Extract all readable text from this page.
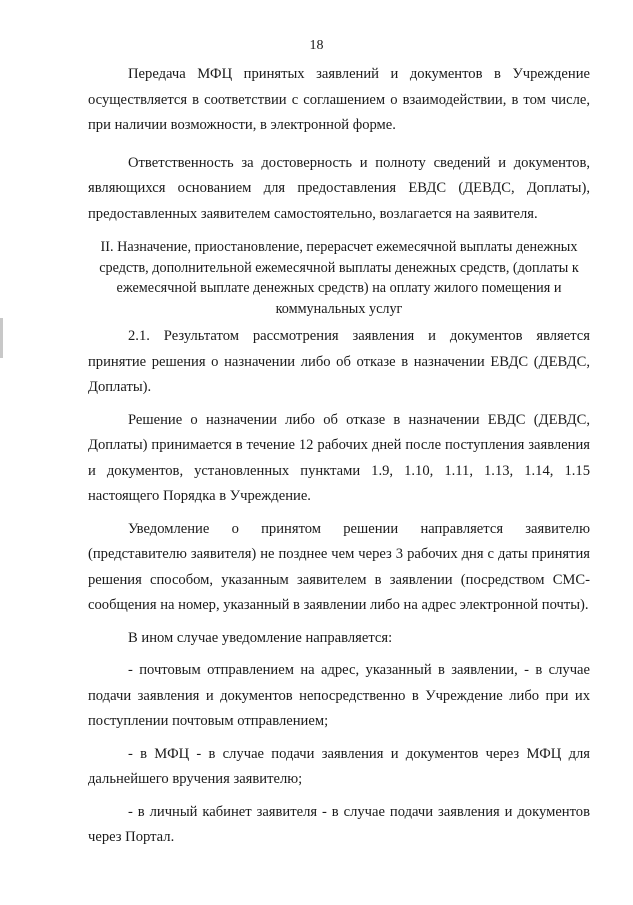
18

Передача МФЦ принятых заявлений и документов в Учреждение осуществляется в соответствии с соглашением о взаимодействии, в том числе, при наличии возможности, в электронной форме.

Ответственность за достоверность и полноту сведений и документов, являющихся основанием для предоставления ЕВДС (ДЕВДС, Доплаты), предоставленных заявителем самостоятельно, возлагается на заявителя.

II. Назначение, приостановление, перерасчет ежемесячной выплаты денежных средств, дополнительной ежемесячной выплаты денежных средств, (доплаты к ежемесячной выплате денежных средств) на оплату жилого помещения и коммунальных услуг

2.1. Результатом рассмотрения заявления и документов является принятие решения о назначении либо об отказе в назначении ЕВДС (ДЕВДС, Доплаты).

Решение о назначении либо об отказе в назначении ЕВДС (ДЕВДС, Доплаты) принимается в течение 12 рабочих дней после поступления заявления и документов, установленных пунктами 1.9, 1.10, 1.11, 1.13, 1.14, 1.15 настоящего Порядка в Учреждение.

Уведомление о принятом решении направляется заявителю (представителю заявителя) не позднее чем через 3 рабочих дня с даты принятия решения способом, указанным заявителем в заявлении (посредством СМС-сообщения на номер, указанный в заявлении либо на адрес электронной почты).

В ином случае уведомление направляется:

- почтовым отправлением на адрес, указанный в заявлении, - в случае подачи заявления и документов непосредственно в Учреждение либо при их поступлении почтовым отправлением;

- в МФЦ - в случае подачи заявления и документов через МФЦ для дальнейшего вручения заявителю;

- в личный кабинет заявителя - в случае подачи заявления и документов через Портал.
